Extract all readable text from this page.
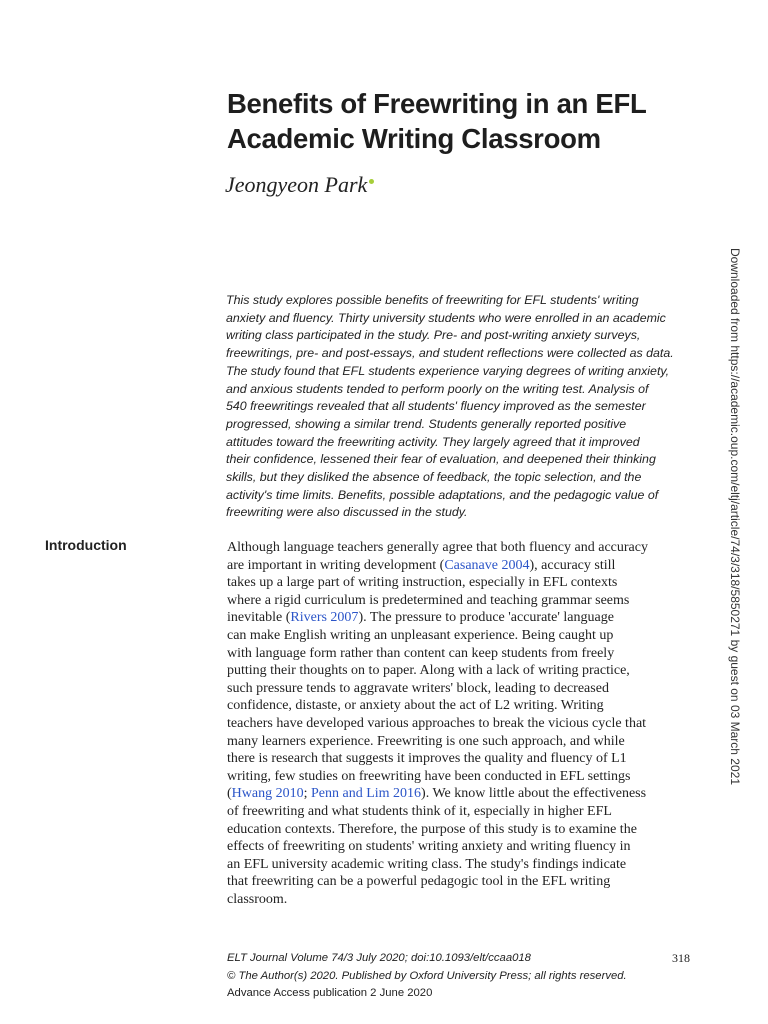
Benefits of Freewriting in an EFL Academic Writing Classroom
Jeongyeon Park
This study explores possible benefits of freewriting for EFL students' writing
anxiety and fluency. Thirty university students who were enrolled in an academic
writing class participated in the study. Pre- and post-writing anxiety surveys,
freewritings, pre- and post-essays, and student reflections were collected as data.
The study found that EFL students experience varying degrees of writing anxiety,
and anxious students tended to perform poorly on the writing test. Analysis of
540 freewritings revealed that all students' fluency improved as the semester
progressed, showing a similar trend. Students generally reported positive
attitudes toward the freewriting activity. They largely agreed that it improved
their confidence, lessened their fear of evaluation, and deepened their thinking
skills, but they disliked the absence of feedback, the topic selection, and the
activity's time limits. Benefits, possible adaptations, and the pedagogic value of
freewriting were also discussed in the study.
Introduction	Although language teachers generally agree that both fluency and accuracy
are important in writing development (Casanave 2004), accuracy still
takes up a large part of writing instruction, especially in EFL contexts
where a rigid curriculum is predetermined and teaching grammar seems
inevitable (Rivers 2007). The pressure to produce 'accurate' language
can make English writing an unpleasant experience. Being caught up
with language form rather than content can keep students from freely
putting their thoughts on to paper. Along with a lack of writing practice,
such pressure tends to aggravate writers' block, leading to decreased
confidence, distaste, or anxiety about the act of L2 writing. Writing
teachers have developed various approaches to break the vicious cycle that
many learners experience. Freewriting is one such approach, and while
there is research that suggests it improves the quality and fluency of L1
writing, few studies on freewriting have been conducted in EFL settings
(Hwang 2010; Penn and Lim 2016). We know little about the effectiveness
of freewriting and what students think of it, especially in higher EFL
education contexts. Therefore, the purpose of this study is to examine the
effects of freewriting on students' writing anxiety and writing fluency in
an EFL university academic writing class. The study's findings indicate
that freewriting can be a powerful pedagogic tool in the EFL writing
classroom.
ELT Journal Volume 74/3 July 2020; doi:10.1093/elt/ccaa018	318
© The Author(s) 2020. Published by Oxford University Press; all rights reserved.
Advance Access publication 2 June 2020
Downloaded from https://academic.oup.com/eltj/article/74/3/318/5850271 by guest on 03 March 2021
